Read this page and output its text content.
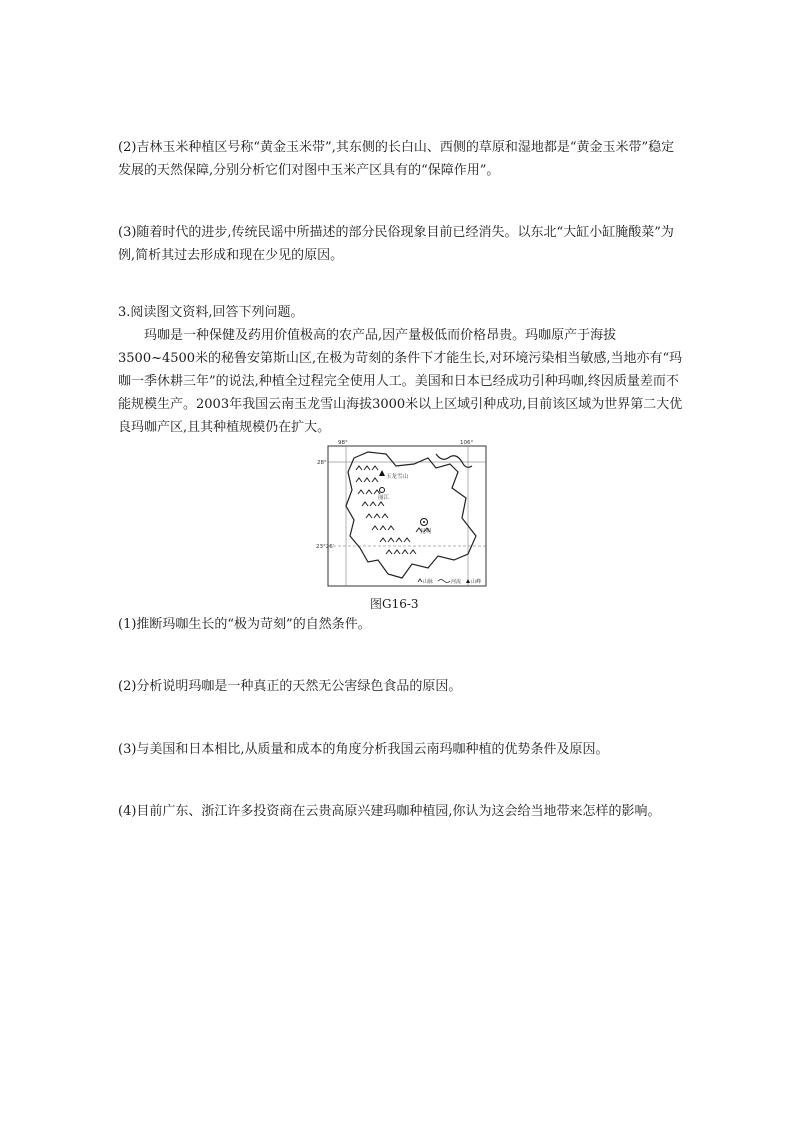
(2)吉林玉米种植区号称“黄金玉米带”,其东侧的长白山、西侧的草原和湿地都是“黄金玉米带”稳定发展的天然保障,分别分析它们对图中玉米产区具有的“保障作用”。

(3)随着时代的进步,传统民谣中所描述的部分民俗现象目前已经消失。以东北“大缸小缸腌酸菜”为例,简析其过去形成和现在少见的原因。

3.阅读图文资料,回答下列问题。

玛咖是一种保健及药用价值极高的农产品,因产量极低而价格昂贵。玛咖原产于海拔3500~4500米的秘鲁安第斯山区,在极为苛刻的条件下才能生长,对环境污染相当敏感,当地亦有“玛咖一季休耕三年”的说法,种植全过程完全使用人工。美国和日本已经成功引种玛咖,终因质量差而不能规模生产。2003年我国云南玉龙雪山海拔3000米以上区域引种成功,目前该区域为世界第二大优良玛咖产区,且其种植规模仍在扩大。

98°	106°
28°
23°26′
玉龙雪山
丽江
昆明
山脉	河流 山峰
图G16-3

(1)推断玛咖生长的“极为苛刻”的自然条件。

(2)分析说明玛咖是一种真正的天然无公害绿色食品的原因。

(3)与美国和日本相比,从质量和成本的角度分析我国云南玛咖种植的优势条件及原因。

(4)目前广东、浙江许多投资商在云贵高原兴建玛咖种植园,你认为这会给当地带来怎样的影响。
